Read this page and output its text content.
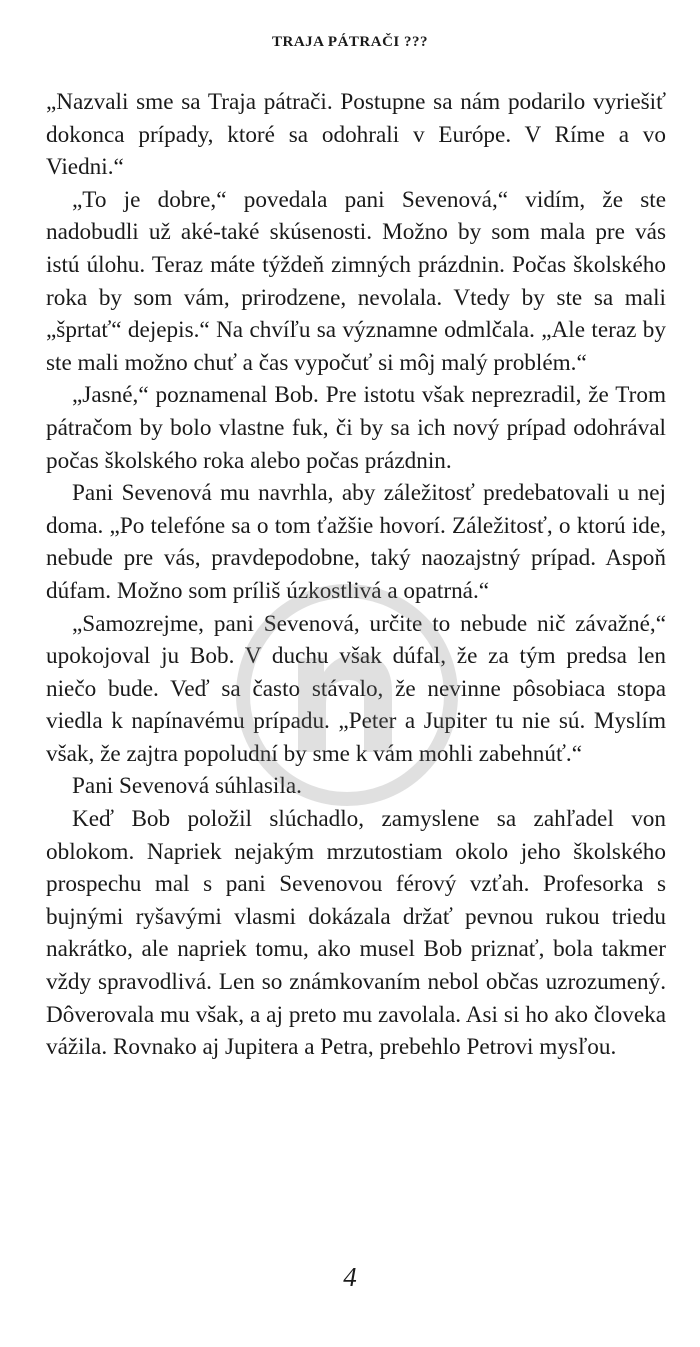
TRAJA PÁTRAČI ???

„Nazvali sme sa Traja pátrači. Postupne sa nám podarilo vyriešiť dokonca prípady, ktoré sa odohrali v Európe. V Ríme a vo Viedni.“

„To je dobre,“ povedala pani Sevenová,“ vidím, že ste nadobudli už aké-také skúsenosti. Možno by som mala pre vás istú úlohu. Teraz máte týždeň zimných prázdnin. Počas školského roka by som vám, prirodzene, nevolala. Vtedy by ste sa mali „šprtať“ dejepis.“ Na chvíľu sa významne odmlčala. „Ale teraz by ste mali možno chuť a čas vypočuť si môj malý problém.“

„Jasné,“ poznamenal Bob. Pre istotu však neprezradil, že Trom pátračom by bolo vlastne fuk, či by sa ich nový prípad odohrával počas školského roka alebo počas prázdnin.

Pani Sevenová mu navrhla, aby záležitosť predebatovali u nej doma. „Po telefóne sa o tom ťažšie hovorí. Záležitosť, o ktorú ide, nebude pre vás, pravdepodobne, taký naozajstný prípad. Aspoň dúfam. Možno som príliš úzkostlivá a opatrná.“

„Samozrejme, pani Sevenová, určite to nebude nič závažné,“ upokojoval ju Bob. V duchu však dúfal, že za tým predsa len niečo bude. Veď sa často stávalo, že nevinne pôsobiaca stopa viedla k napínavému prípadu. „Peter a Jupiter tu nie sú. Myslím však, že zajtra popoludní by sme k vám mohli zabehnúť.“

Pani Sevenová súhlasila.

Keď Bob položil slúchadlo, zamyslene sa zahľadel von oblokom. Napriek nejakým mrzutostiam okolo jeho školského prospechu mal s pani Sevenovou férový vzťah. Profesorka s bujnými ryšavými vlasmi dokázala držať pevnou rukou triedu nakrátko, ale napriek tomu, ako musel Bob priznať, bola takmer vždy spravodlivá. Len so známkovaním nebol občas uzrozumený. Dôverovala mu však, a aj preto mu zavolala. Asi si ho ako človeka vážila. Rovnako aj Jupitera a Petra, prebehlo Petrovi mysľou.

4
